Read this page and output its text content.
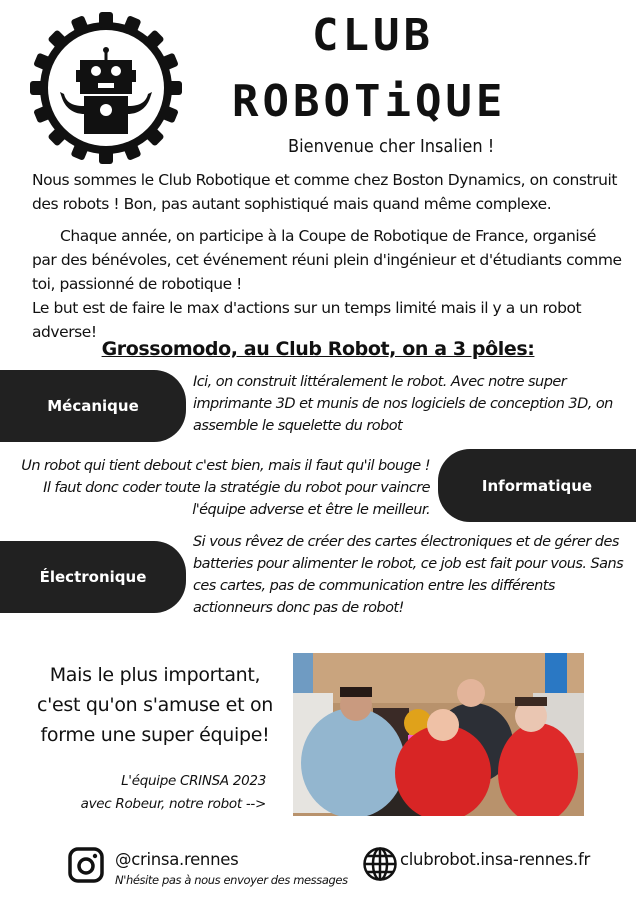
CLUB
ROBOTiQUE
Bienvenue cher Insalien !
Nous sommes le Club Robotique et comme chez Boston Dynamics, on construit des robots ! Bon, pas autant sophistiqué mais quand même complexe.
Chaque année, on participe à la Coupe de Robotique de France, organisé
par des bénévoles, cet événement réuni plein d'ingénieur et d'étudiants comme toi, passionné de robotique !
Le but est de faire le max d'actions sur un temps limité mais il y a un robot adverse!
Grossomodo, au Club Robot, on a 3 pôles:
Mécanique
Ici, on construit littéralement le robot. Avec notre super imprimante 3D et munis de nos logiciels de conception 3D, on assemble le squelette du robot
Un robot qui tient debout c'est bien, mais il faut qu'il bouge !
Il faut donc coder toute la stratégie du robot pour vaincre
l'équipe adverse et être le meilleur.
Informatique
Électronique
Si vous rêvez de créer des cartes électroniques et de gérer des batteries pour alimenter le robot, ce job est fait pour vous. Sans ces cartes, pas de communication entre les différents actionneurs donc pas de robot!
Mais le plus important,
c'est qu'on s'amuse et on
forme une super équipe!
L'équipe CRINSA 2023
avec Robeur, notre robot -->
@crinsa.rennes
N'hésite pas à nous envoyer des messages
clubrobot.insa-rennes.fr
